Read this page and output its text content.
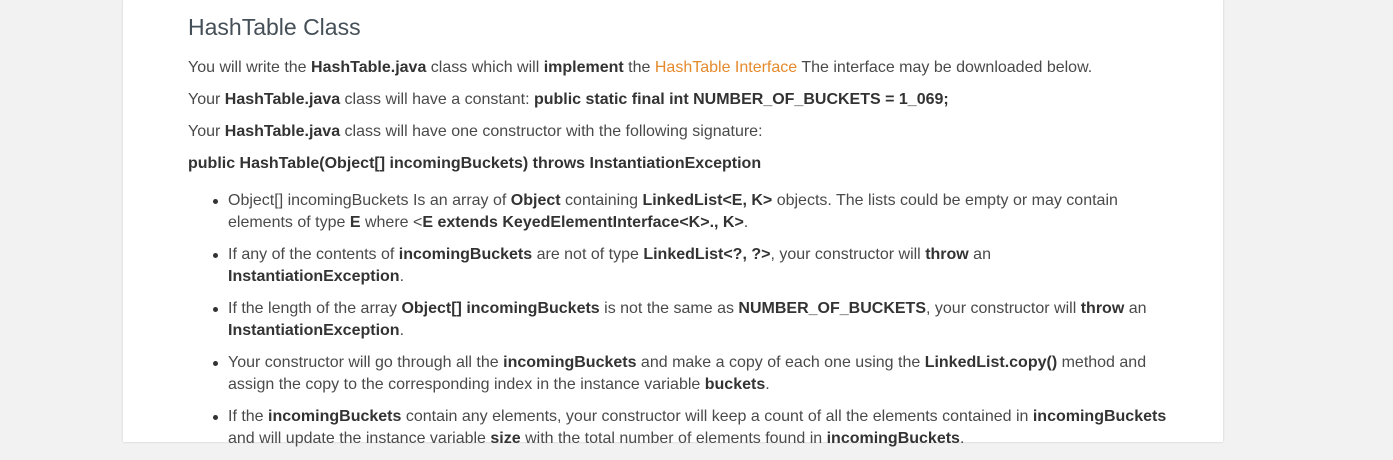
HashTable Class

You will write the HashTable.java class which will implement the HashTable Interface The interface may be downloaded below.

Your HashTable.java class will have a constant: public static final int NUMBER_OF_BUCKETS = 1_069;

Your HashTable.java class will have one constructor with the following signature:

public HashTable(Object[] incomingBuckets) throws InstantiationException

Object[] incomingBuckets Is an array of Object containing LinkedList<E, K> objects. The lists could be empty or may contain elements of type E where <E extends KeyedElementInterface<K>., K>.
If any of the contents of incomingBuckets are not of type LinkedList<?, ?>, your constructor will throw an InstantiationException.
If the length of the array Object[] incomingBuckets is not the same as NUMBER_OF_BUCKETS, your constructor will throw an
InstantiationException.
Your constructor will go through all the incomingBuckets and make a copy of each one using the LinkedList.copy() method and assign the copy to the corresponding index in the instance variable buckets.
If the incomingBuckets contain any elements, your constructor will keep a count of all the elements contained in incomingBuckets and will update the instance variable size with the total number of elements found in incomingBuckets.
